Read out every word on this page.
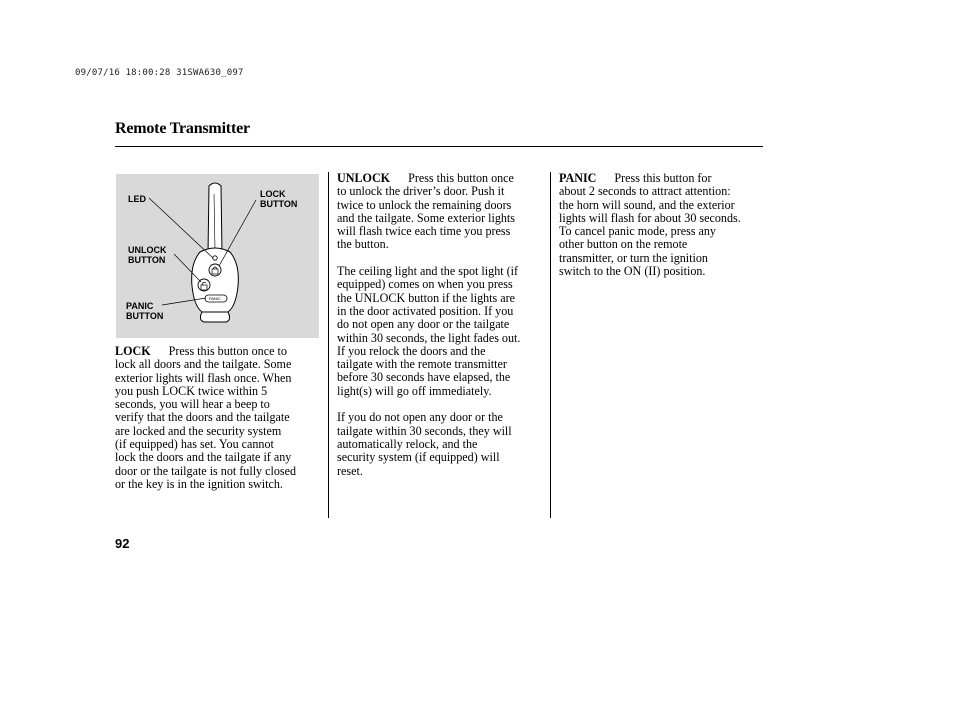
09/07/16 18:00:28 31SWA630_097
Remote Transmitter
LED	LOCK
BUTTON
UNLOCK
BUTTON
PANIC
BUTTON
PANIC

LOCK Press this button once to
lock all doors and the tailgate. Some
exterior lights will flash once. When
you push LOCK twice within 5
seconds, you will hear a beep to
verify that the doors and the tailgate
are locked and the security system
(if equipped) has set. You cannot
lock the doors and the tailgate if any
door or the tailgate is not fully closed
or the key is in the ignition switch.

UNLOCK Press this button once
to unlock the driver’s door. Push it
twice to unlock the remaining doors
and the tailgate. Some exterior lights
will flash twice each time you press
the button.

The ceiling light and the spot light (if
equipped) comes on when you press
the UNLOCK button if the lights are
in the door activated position. If you
do not open any door or the tailgate
within 30 seconds, the light fades out.
If you relock the doors and the
tailgate with the remote transmitter
before 30 seconds have elapsed, the
light(s) will go off immediately.

If you do not open any door or the
tailgate within 30 seconds, they will
automatically relock, and the
security system (if equipped) will
reset.

PANIC Press this button for
about 2 seconds to attract attention:
the horn will sound, and the exterior
lights will flash for about 30 seconds.
To cancel panic mode, press any
other button on the remote
transmitter, or turn the ignition
switch to the ON (II) position.

92
